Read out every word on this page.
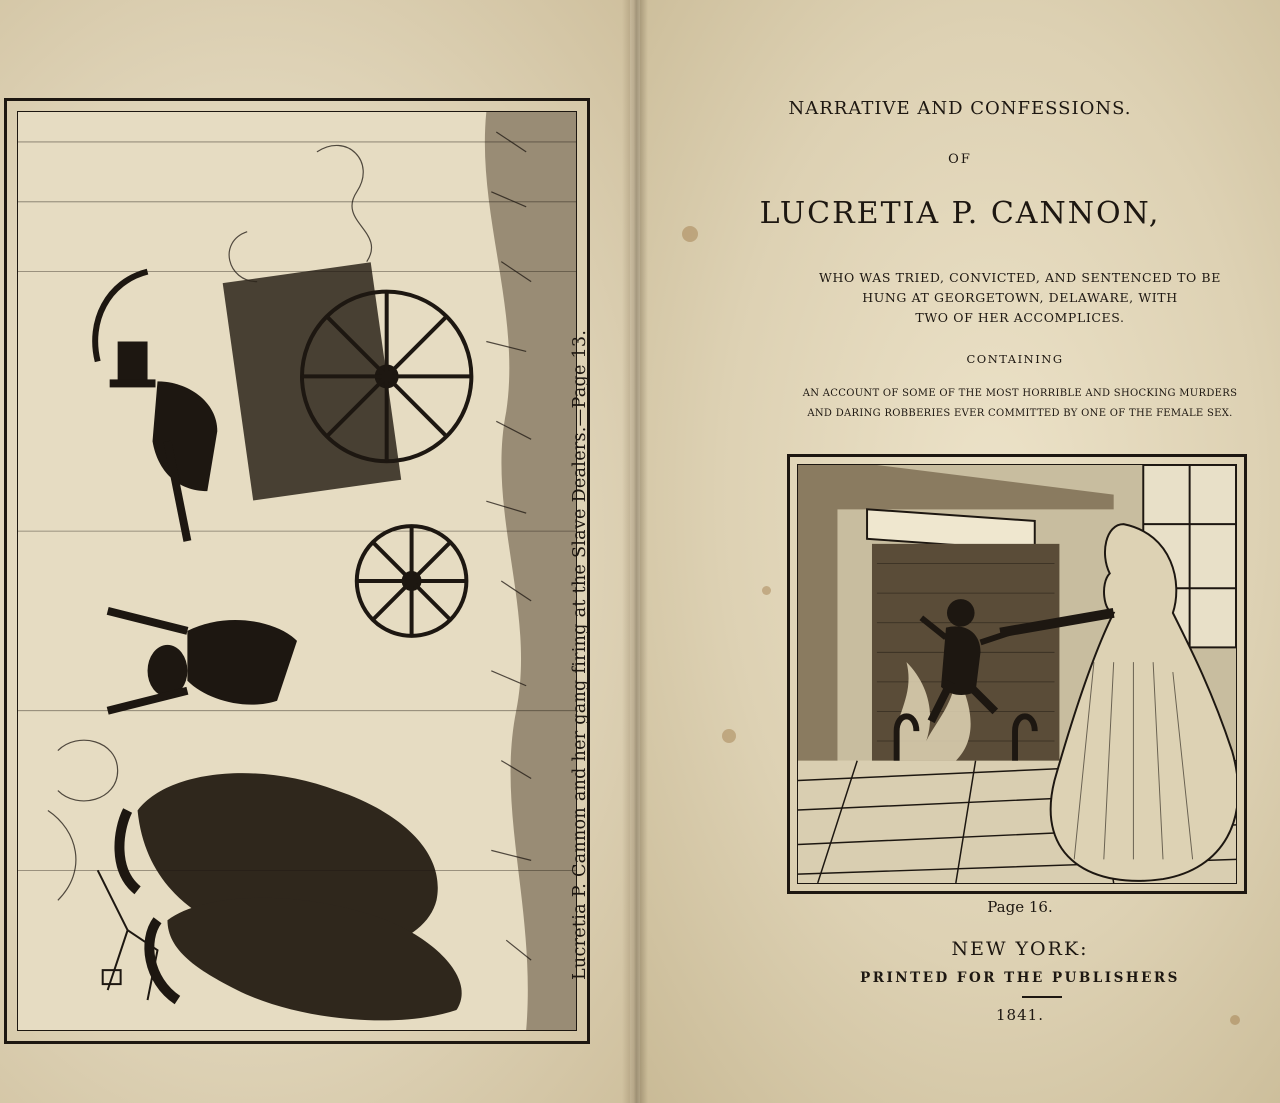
Lucretia P. Cannon and her gang firing at the Slave Dealers.—Page 13.
NARRATIVE AND CONFESSIONS.
OF
LUCRETIA P. CANNON,
WHO WAS TRIED, CONVICTED, AND SENTENCED TO BE
HUNG AT GEORGETOWN, DELAWARE, WITH
TWO OF HER ACCOMPLICES.
CONTAINING
AN ACCOUNT OF SOME OF THE MOST HORRIBLE AND SHOCKING MURDERS
AND DARING ROBBERIES EVER COMMITTED BY ONE OF THE FEMALE SEX.
Page 16.
NEW YORK:
PRINTED FOR THE PUBLISHERS
1841.
